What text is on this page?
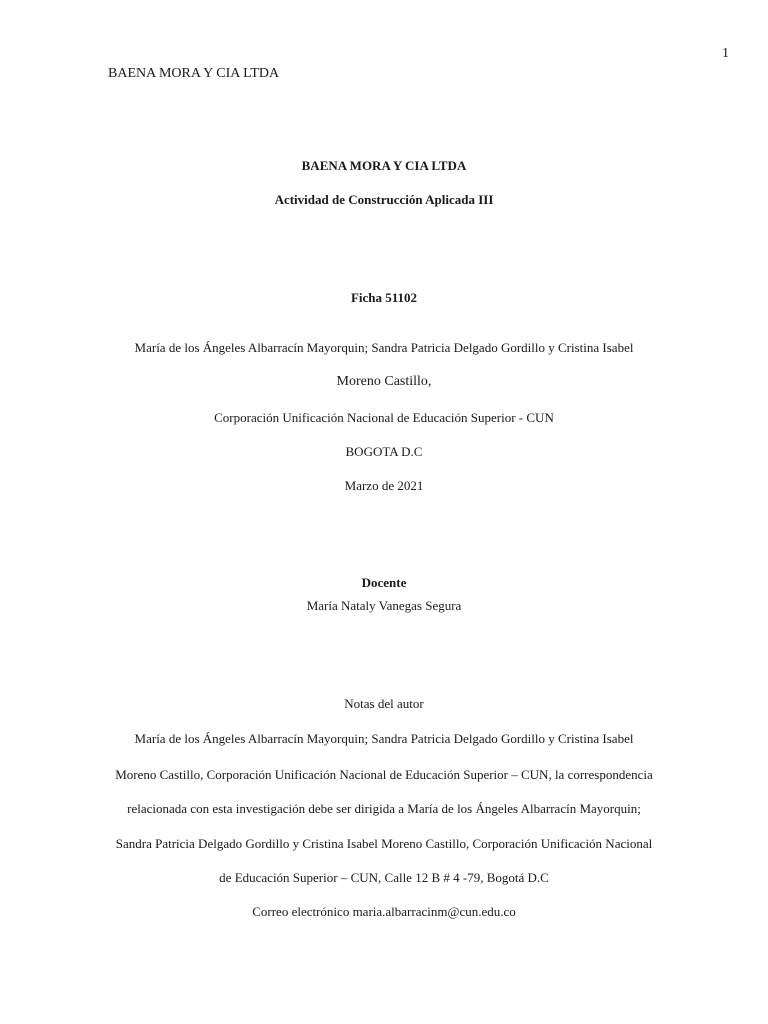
1
BAENA MORA Y CIA LTDA
BAENA MORA Y CIA LTDA
Actividad de Construcción Aplicada III
Ficha 51102
María de los Ángeles Albarracín Mayorquin; Sandra Patricia Delgado Gordillo y Cristina Isabel
Moreno Castillo,
Corporación Unificación Nacional de Educación Superior - CUN
BOGOTA D.C
Marzo de 2021
Docente
María Nataly Vanegas Segura
Notas del autor
María de los Ángeles Albarracín Mayorquin; Sandra Patricia Delgado Gordillo y Cristina Isabel
Moreno Castillo, Corporación Unificación Nacional de Educación Superior – CUN, la correspondencia
relacionada con esta investigación debe ser dirigida a María de los Ángeles Albarracín Mayorquin;
Sandra Patricia Delgado Gordillo y Cristina Isabel Moreno Castillo, Corporación Unificación Nacional
de Educación Superior – CUN, Calle 12 B # 4 -79, Bogotá D.C
Correo electrónico maria.albarracinm@cun.edu.co
